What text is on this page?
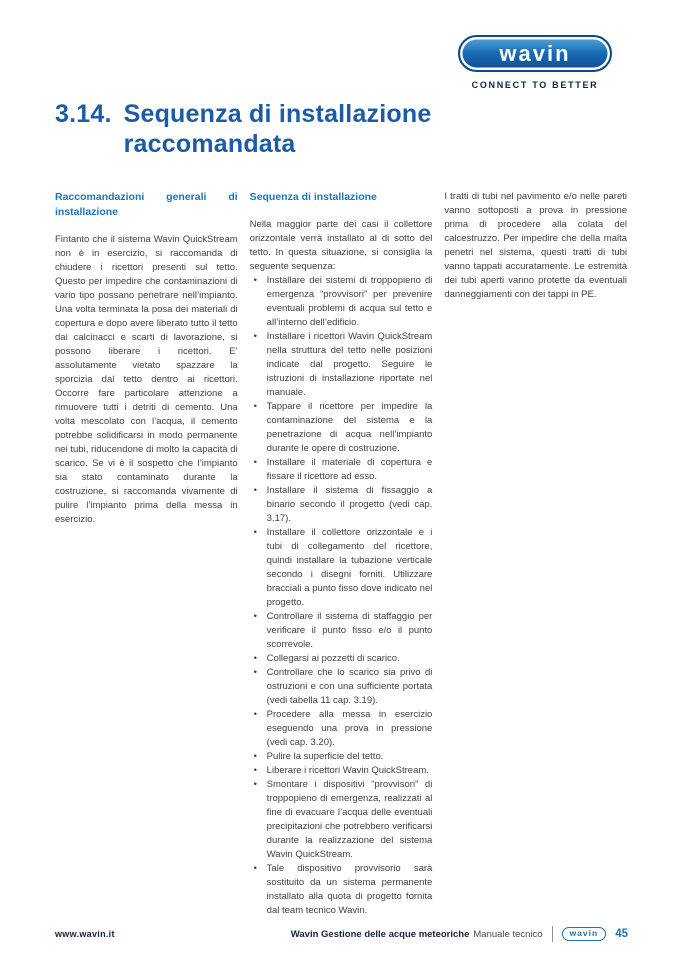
wavin
CONNECT TO BETTER
3.14. Sequenza di installazione
raccomandata
Raccomandazioni generali di installazione

Fintanto che il sistema Wavin QuickStream non è in esercizio, si raccomanda di chiudere i ricettori presenti sul tetto. Questo per impedire che contaminazioni di vario tipo possano penetrare nell’impianto. Una volta terminata la posa dei materiali di copertura e dopo avere liberato tutto il tetto dai calcinacci e scarti di lavorazione, si possono liberare i ricettori. E’ assolutamente vietato spazzare la sporcizia dal tetto dentro ai ricettori. Occorre fare particolare attenzione a rimuovere tutti i detriti di cemento. Una volta mescolato con l’acqua, il cemento potrebbe solidificarsi in modo permanente nei tubi, riducendone di molto la capacità di scarico. Se vi è il sospetto che l’impianto sia stato contaminato durante la costruzione, si raccomanda vivamente di pulire l’impianto prima della messa in esercizio.

Sequenza di installazione

Nella maggior parte dei casi il collettore orizzontale verrà installato al di sotto del tetto. In questa situazione, si consiglia la seguente sequenza:

• Installare dei sistemi di troppopieno di emergenza “provvisori” per prevenire eventuali problemi di acqua sul tetto e all’interno dell’edificio.
• Installare i ricettori Wavin QuickStream nella struttura del tetto nelle posizioni indicate dal progetto. Seguire le istruzioni di installazione riportate nel manuale.
• Tappare il ricettore per impedire la contaminazione del sistema e la penetrazione di acqua nell’impianto durante le opere di costruzione.
• Installare il materiale di copertura e fissare il ricettore ad esso.
• Installare il sistema di fissaggio a binario secondo il progetto (vedi cap. 3.17).
• Installare il collettore orizzontale e i tubi di collegamento del ricettore, quindi installare la tubazione verticale secondo i disegni forniti. Utilizzare bracciali a punto fisso dove indicato nel progetto.
• Controllare il sistema di staffaggio per verificare il punto fisso e/o il punto scorrevole.
• Collegarsi ai pozzetti di scarico.
• Controllare che lo scarico sia privo di ostruzioni e con una sufficiente portata (vedi tabella 11 cap. 3.19).
• Procedere alla messa in esercizio eseguendo una prova in pressione (vedi cap. 3.20).
• Pulire la superficie del tetto.
• Liberare i ricettori Wavin QuickStream.
• Smontare i dispositivi “provvisori” di troppopieno di emergenza, realizzati al fine di evacuare l’acqua delle eventuali precipitazioni che potrebbero verificarsi durante la realizzazione del sistema Wavin QuickStream.
• Tale dispositivo provvisorio sarà sostituito da un sistema permanente installato alla quota di progetto fornita dal team tecnico Wavin.

I tratti di tubi nel pavimento e/o nelle pareti vanno sottoposti a prova in pressione prima di procedere alla colata del calcestruzzo. Per impedire che della malta penetri nel sistema, questi tratti di tubi vanno tappati accuratamente. Le estremità dei tubi aperti vanno protette da eventuali danneggiamenti con dei tappi in PE.

www.wavin.it	Wavin Gestione delle acque meteoriche Manuale tecnico	wavin	45
